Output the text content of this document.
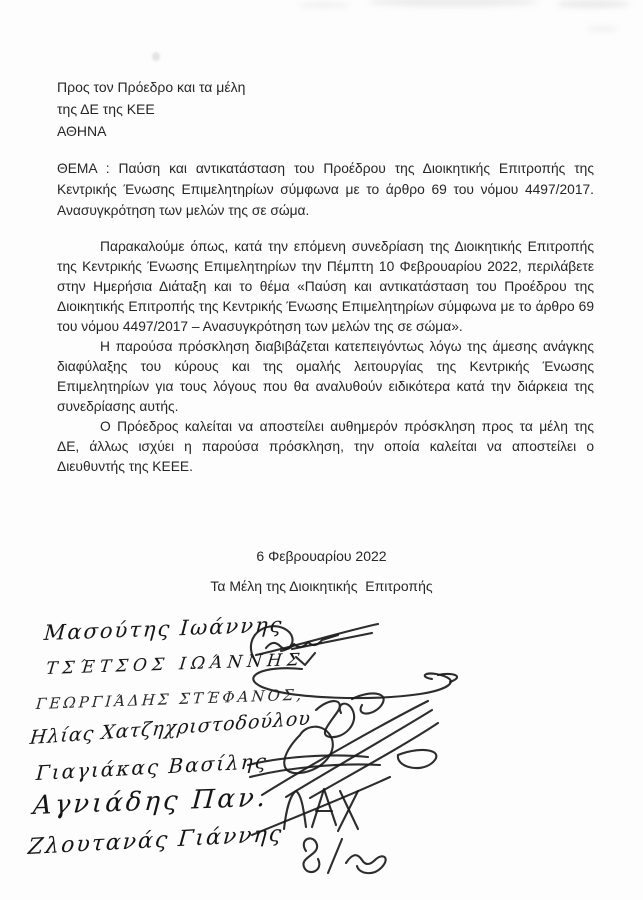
Προς τον Πρόεδρο και τα μέλη
της ΔΕ της ΚΕΕ
ΑΘΗΝΑ

ΘΕΜΑ : Παύση και αντικατάσταση του Προέδρου της Διοικητικής Επιτροπής της Κεντρικής Ένωσης Επιμελητηρίων σύμφωνα με το άρθρο 69 του νόμου 4497/2017. Ανασυγκρότηση των μελών της σε σώμα.

Παρακαλούμε όπως, κατά την επόμενη συνεδρίαση της Διοικητικής Επιτροπής της Κεντρικής Ένωσης Επιμελητηρίων την Πέμπτη 10 Φεβρουαρίου 2022, περιλάβετε στην Ημερήσια Διάταξη και το θέμα «Παύση και αντικατάσταση του Προέδρου της Διοικητικής Επιτροπής της Κεντρικής Ένωσης Επιμελητηρίων σύμφωνα με το άρθρο 69 του νόμου 4497/2017 – Ανασυγκρότηση των μελών της σε σώμα».

Η παρούσα πρόσκληση διαβιβάζεται κατεπειγόντως λόγω της άμεσης ανάγκης διαφύλαξης του κύρους και της ομαλής λειτουργίας της Κεντρικής Ένωσης Επιμελητηρίων για τους λόγους που θα αναλυθούν ειδικότερα κατά την διάρκεια της συνεδρίασης αυτής.

Ο Πρόεδρος καλείται να αποστείλει αυθημερόν πρόσκληση προς τα μέλη της ΔΕ, άλλως ισχύει η παρούσα πρόσκληση, την οποία καλείται να αποστείλει ο Διευθυντής της ΚΕΕΕ.

6 Φεβρουαρίου 2022
Τα Μέλη της Διοικητικής  Επιτροπής
Μασούτης Ιωάννης
ΤΣΈΤΣΟΣ ΙΩΆΝΝΗΣ
ΓΕΩΡΓΙΆΔΗΣ ΣΤΈΦΑΝΟΣ,
Ηλίας Χατζηχριστοδούλου
Γιαγιάκας Βασίλης
Αγνιάδης Παν.
Ζλουτανάς Γιάννης
